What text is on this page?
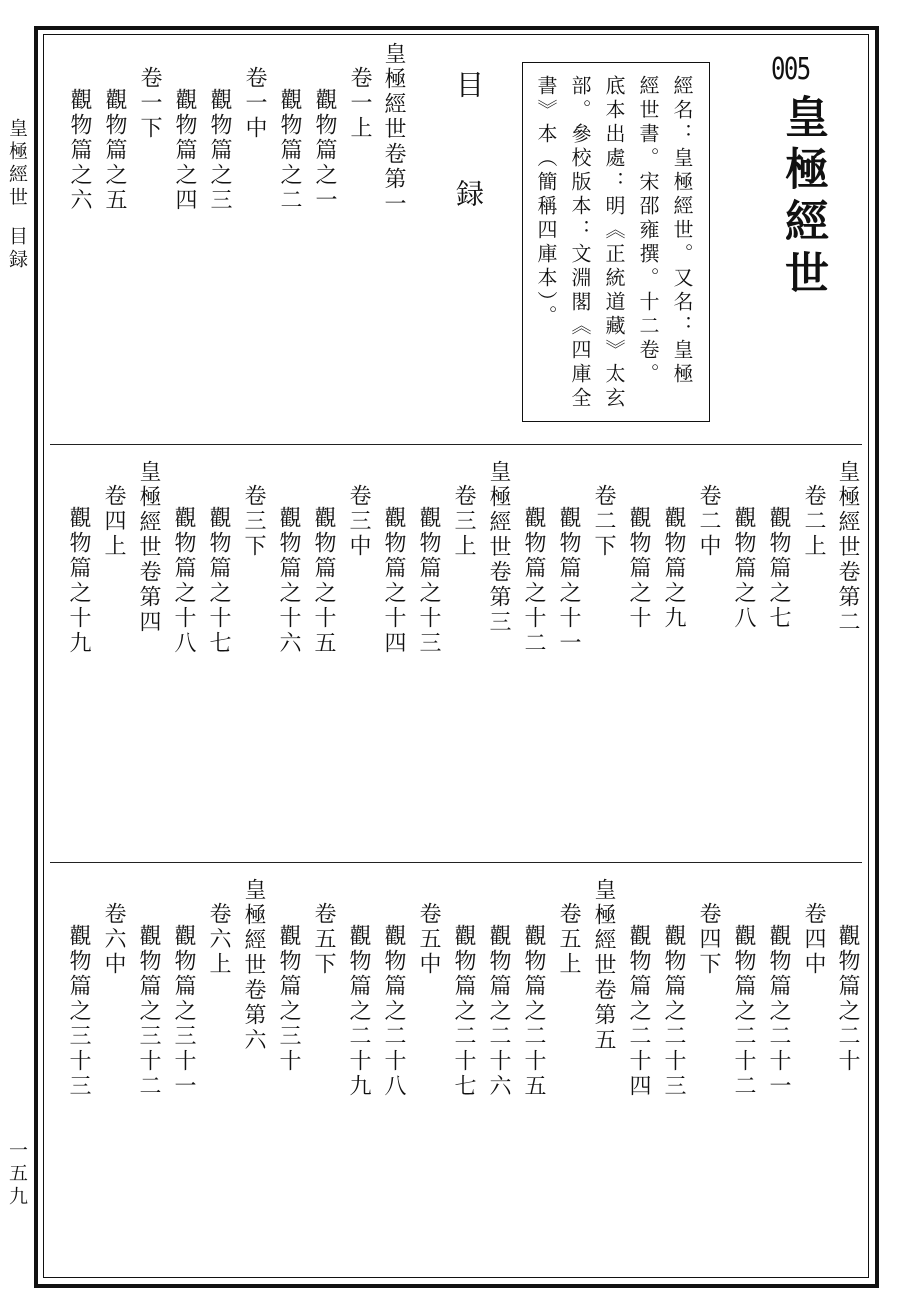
皇極經世
目録
一五九
005
皇極經世
經名：皇極經世。又名：皇極
經世書。宋邵雍撰。十二卷。
底本出處：明《正統道藏》太玄
部。參校版本：文淵閣《四庫全
書》本（簡稱四庫本）。
目 録
皇極經世卷第一
卷一上
觀物篇之一
觀物篇之二
卷一中
觀物篇之三
觀物篇之四
卷一下
觀物篇之五
觀物篇之六
皇極經世卷第二
卷二上
觀物篇之七
觀物篇之八
卷二中
觀物篇之九
觀物篇之十
卷二下
觀物篇之十一
觀物篇之十二
皇極經世卷第三
卷三上
觀物篇之十三
觀物篇之十四
卷三中
觀物篇之十五
觀物篇之十六
卷三下
觀物篇之十七
觀物篇之十八
皇極經世卷第四
卷四上
觀物篇之十九
觀物篇之二十
卷四中
觀物篇之二十一
觀物篇之二十二
卷四下
觀物篇之二十三
觀物篇之二十四
皇極經世卷第五
卷五上
觀物篇之二十五
觀物篇之二十六
觀物篇之二十七
卷五中
觀物篇之二十八
觀物篇之二十九
卷五下
觀物篇之三十
皇極經世卷第六
卷六上
觀物篇之三十一
觀物篇之三十二
卷六中
觀物篇之三十三
